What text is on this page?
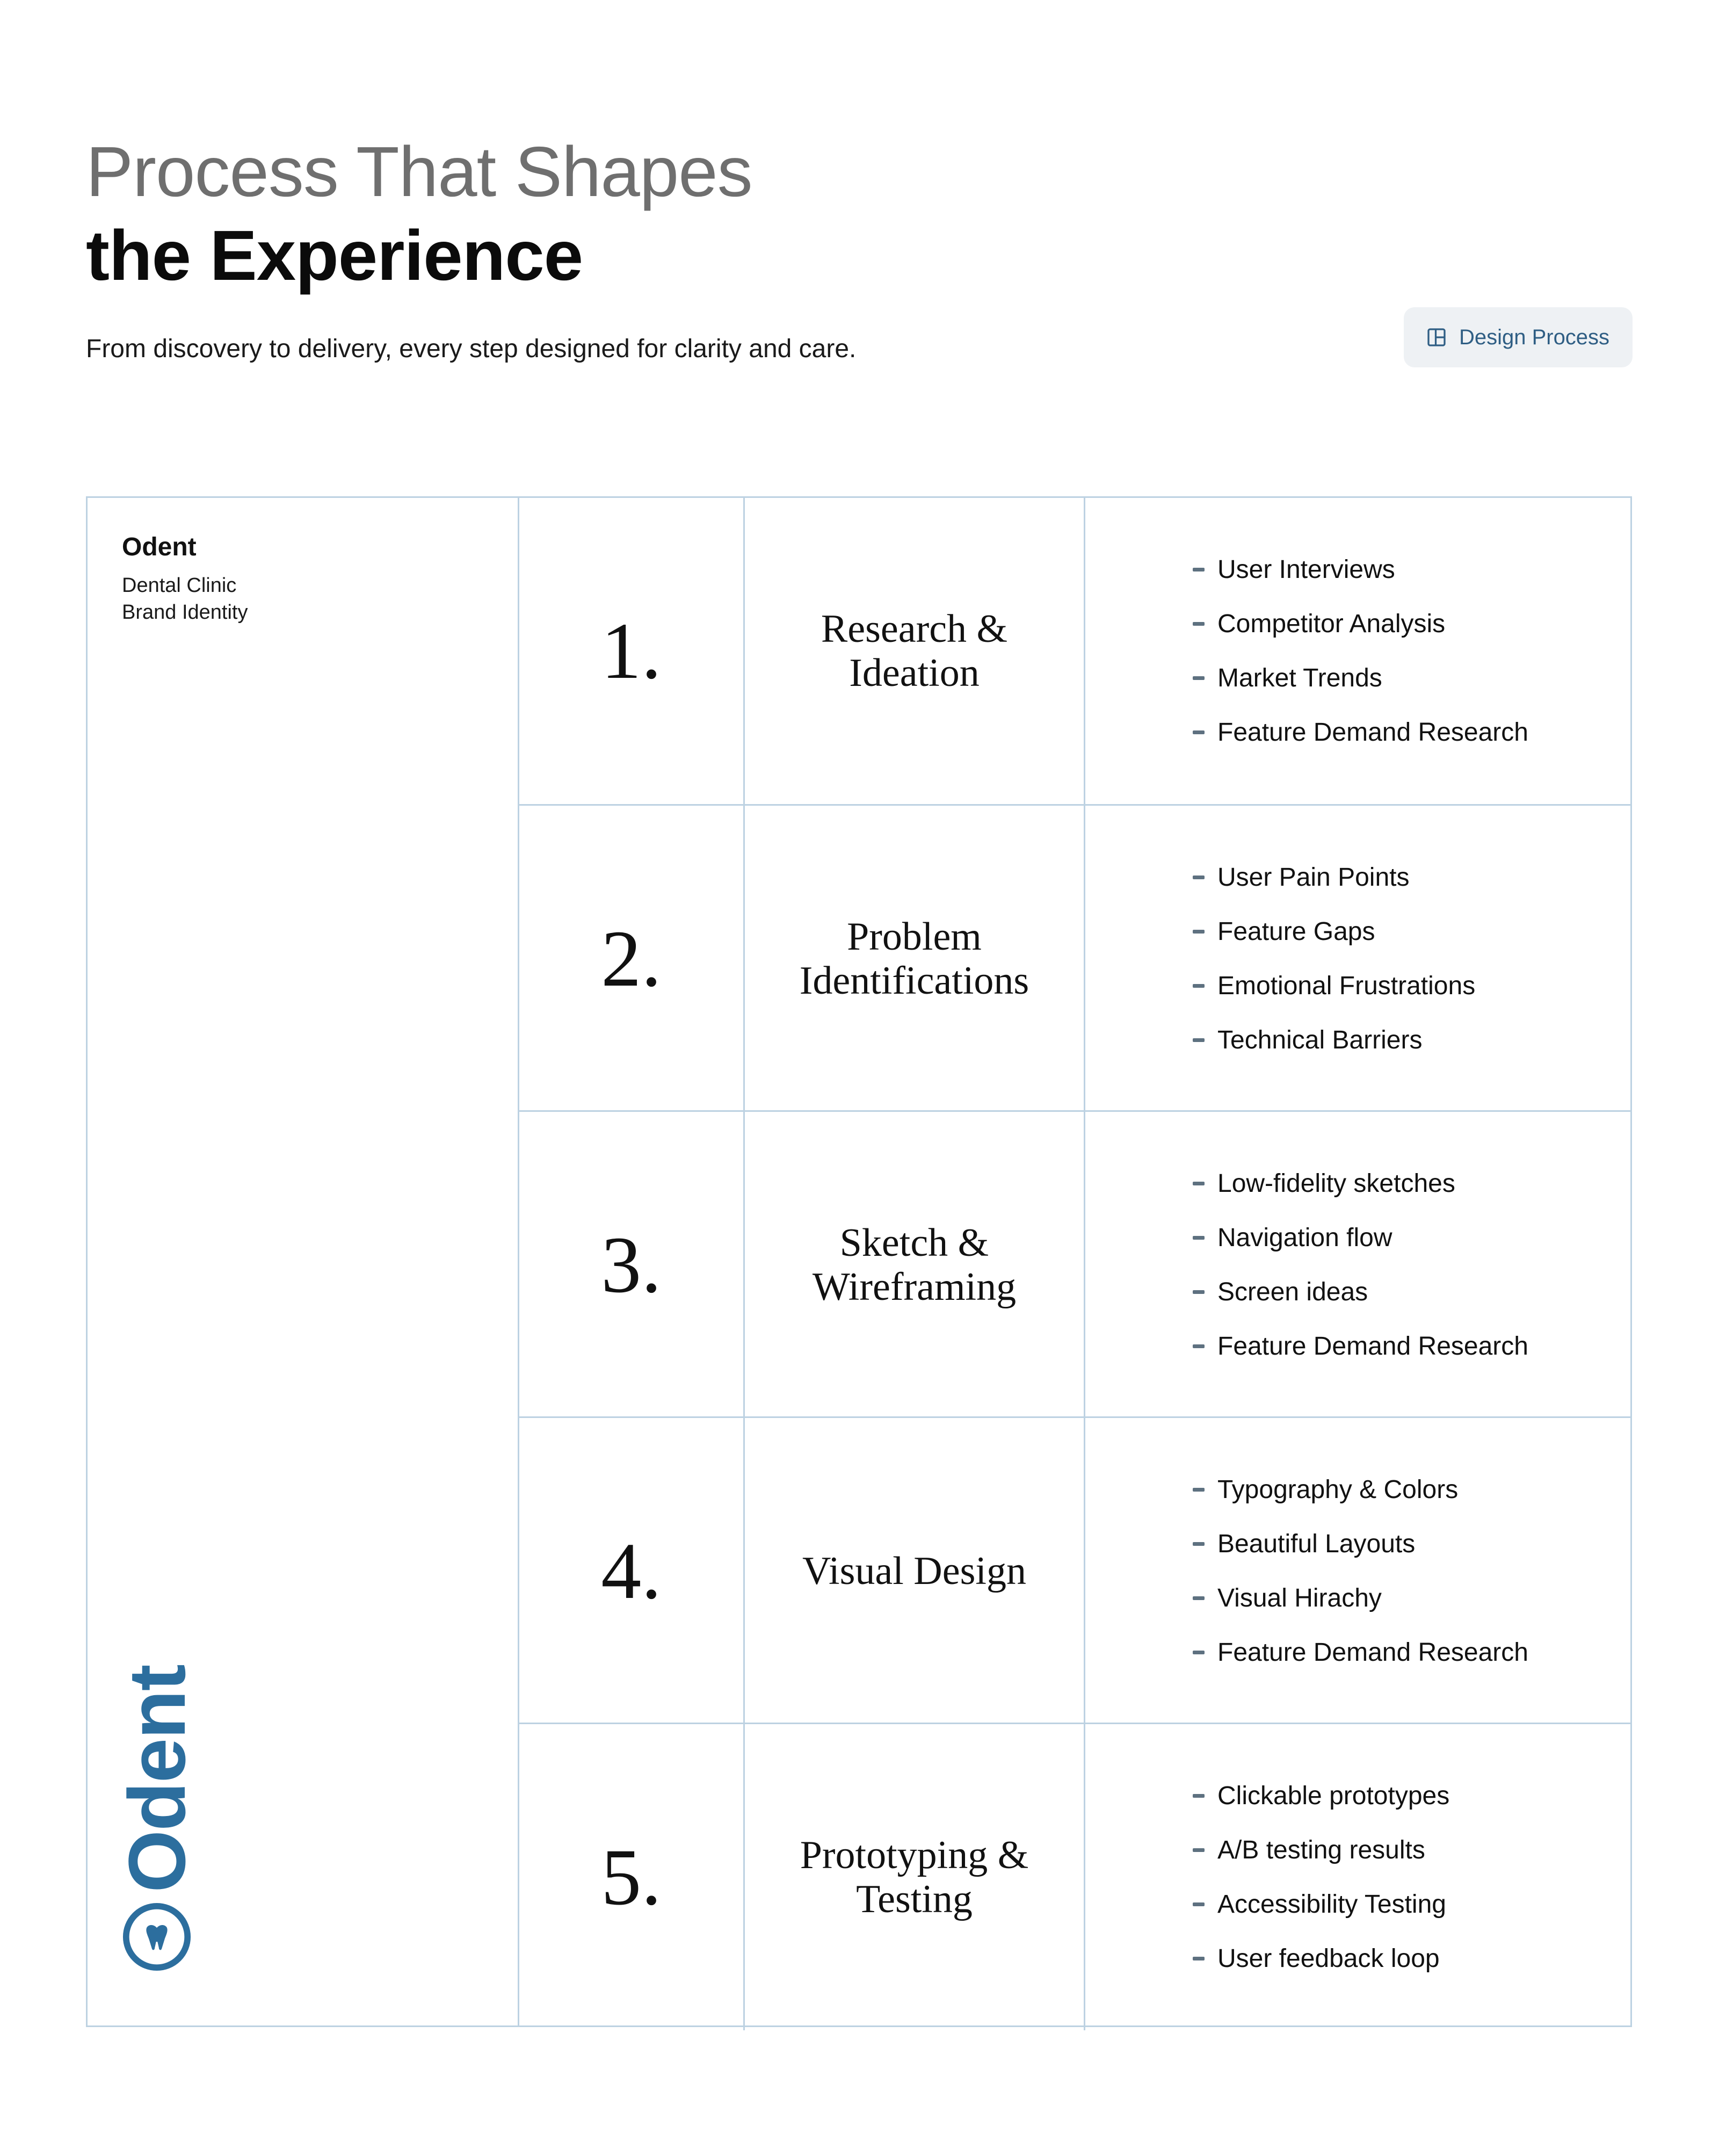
Process That Shapes
the Experience
From discovery to delivery, every step designed for clarity and care.	Design Process
Odent
Dental Clinic
Brand Identity
Odent
1.	Research &
Ideation
User Interviews
Competitor Analysis
Market Trends
Feature Demand Research
2.	Problem
Identifications
User Pain Points
Feature Gaps
Emotional Frustrations
Technical Barriers
3.	Sketch &
Wireframing
Low-fidelity sketches
Navigation flow
Screen ideas
Feature Demand Research
4.	Visual Design
Typography & Colors
Beautiful Layouts
Visual Hirachy
Feature Demand Research
5.	Prototyping &
Testing
Clickable prototypes
A/B testing results
Accessibility Testing
User feedback loop
